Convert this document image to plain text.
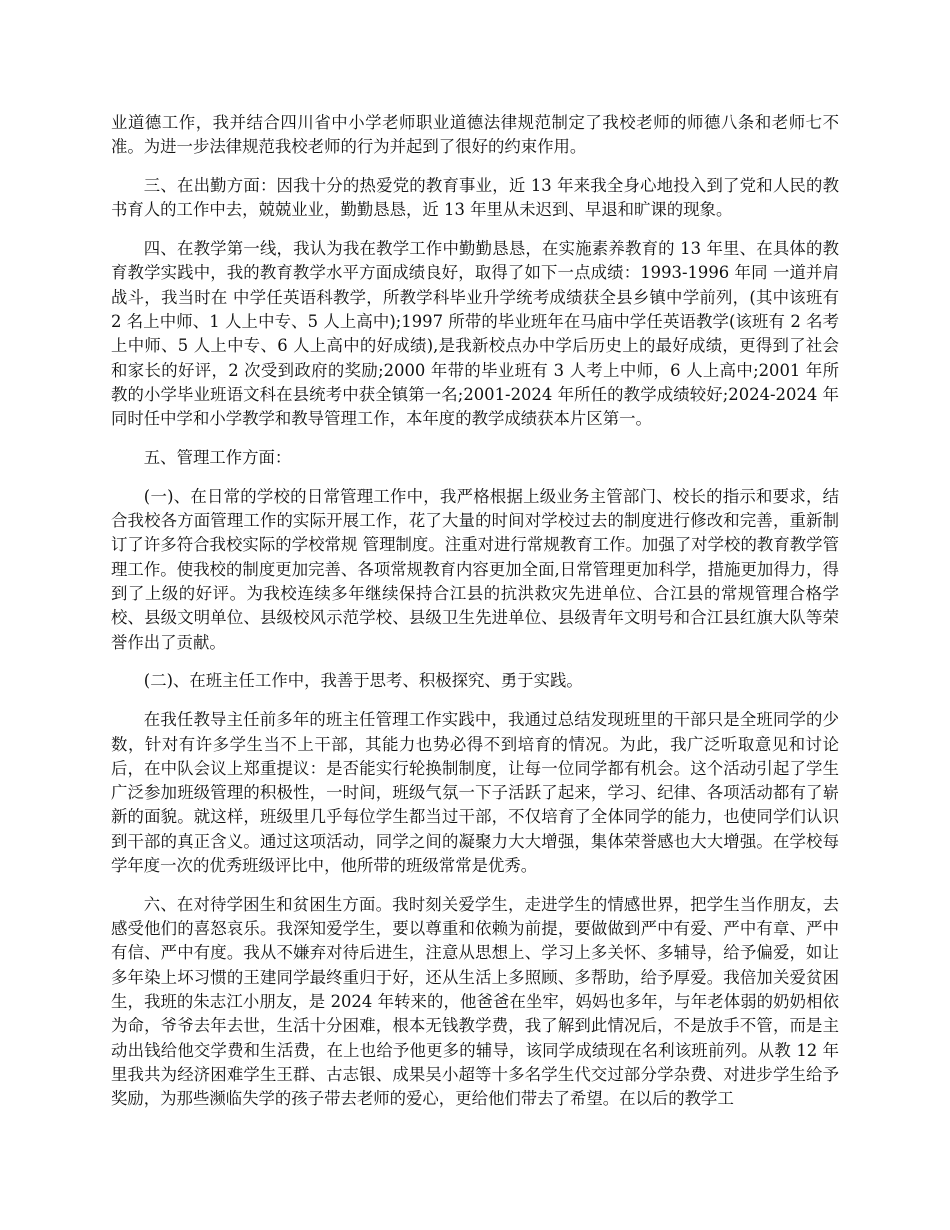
业道德工作，我并结合四川省中小学老师职业道德法律规范制定了我校老师的师德八条和老师七不准。为进一步法律规范我校老师的行为并起到了很好的约束作用。

三、在出勤方面：因我十分的热爱党的教育事业，近 13 年来我全身心地投入到了党和人民的教书育人的工作中去，兢兢业业，勤勤恳恳，近 13 年里从未迟到、早退和旷课的现象。

四、在教学第一线，我认为我在教学工作中勤勤恳恳，在实施素养教育的 13 年里、在具体的教育教学实践中，我的教育教学水平方面成绩良好，取得了如下一点成绩：1993-1996 年同 一道并肩战斗，我当时在 中学任英语科教学，所教学科毕业升学统考成绩获全县乡镇中学前列，(其中该班有 2 名上中师、1 人上中专、5 人上高中);1997 所带的毕业班年在马庙中学任英语教学(该班有 2 名考上中师、5 人上中专、6 人上高中的好成绩),是我新校点办中学后历史上的最好成绩，更得到了社会和家长的好评，2 次受到政府的奖励;2000 年带的毕业班有 3 人考上中师，6 人上高中;2001 年所教的小学毕业班语文科在县统考中获全镇第一名;2001-2024 年所任的教学成绩较好;2024-2024 年同时任中学和小学教学和教导管理工作，本年度的教学成绩获本片区第一。

五、管理工作方面：

(一)、在日常的学校的日常管理工作中，我严格根据上级业务主管部门、校长的指示和要求，结合我校各方面管理工作的实际开展工作，花了大量的时间对学校过去的制度进行修改和完善，重新制订了许多符合我校实际的学校常规 管理制度。注重对进行常规教育工作。加强了对学校的教育教学管理工作。使我校的制度更加完善、各项常规教育内容更加全面,日常管理更加科学，措施更加得力，得到了上级的好评。为我校连续多年继续保持合江县的抗洪救灾先进单位、合江县的常规管理合格学校、县级文明单位、县级校风示范学校、县级卫生先进单位、县级青年文明号和合江县红旗大队等荣誉作出了贡献。

(二)、在班主任工作中，我善于思考、积极探究、勇于实践。

在我任教导主任前多年的班主任管理工作实践中，我通过总结发现班里的干部只是全班同学的少数，针对有许多学生当不上干部，其能力也势必得不到培育的情况。为此，我广泛听取意见和讨论后，在中队会议上郑重提议：是否能实行轮换制制度，让每一位同学都有机会。这个活动引起了学生广泛参加班级管理的积极性，一时间，班级气氛一下子活跃了起来，学习、纪律、各项活动都有了崭新的面貌。就这样，班级里几乎每位学生都当过干部，不仅培育了全体同学的能力，也使同学们认识到干部的真正含义。通过这项活动，同学之间的凝聚力大大增强，集体荣誉感也大大增强。在学校每学年度一次的优秀班级评比中，他所带的班级常常是优秀。

六、在对待学困生和贫困生方面。我时刻关爱学生，走进学生的情感世界，把学生当作朋友，去感受他们的喜怒哀乐。我深知爱学生，要以尊重和依赖为前提，要做做到严中有爱、严中有章、严中有信、严中有度。我从不嫌弃对待后进生，注意从思想上、学习上多关怀、多辅导，给予偏爱，如让多年染上坏习惯的王建同学最终重归于好，还从生活上多照顾、多帮助，给予厚爱。我倍加关爱贫困生，我班的朱志江小朋友，是 2024 年转来的，他爸爸在坐牢，妈妈也多年，与年老体弱的奶奶相依为命，爷爷去年去世，生活十分困难，根本无钱教学费，我了解到此情况后，不是放手不管，而是主动出钱给他交学费和生活费，在上也给予他更多的辅导，该同学成绩现在名利该班前列。从教 12 年里我共为经济困难学生王群、古志银、成果吴小超等十多名学生代交过部分学杂费、对进步学生给予奖励，为那些濒临失学的孩子带去老师的爱心，更给他们带去了希望。在以后的教学工
